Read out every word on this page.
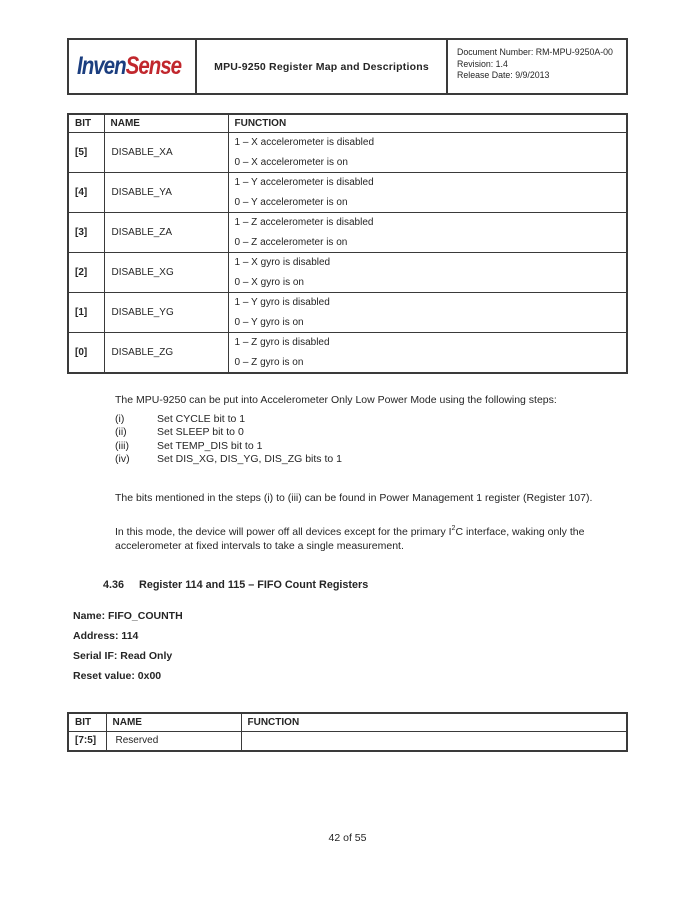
InvenSense	MPU-9250 Register Map and Descriptions
Document Number: RM-MPU-9250A-00
Revision: 1.4
Release Date: 9/9/2013
BIT	NAME	FUNCTION
[5]	DISABLE_XA	1 – X accelerometer is disabled
0 – X accelerometer is on

[4]	DISABLE_YA	1 – Y accelerometer is disabled
0 – Y accelerometer is on

[3]	DISABLE_ZA	1 – Z accelerometer is disabled
0 – Z accelerometer is on

[2]	DISABLE_XG	1 – X gyro is disabled
0 – X gyro is on

[1]	DISABLE_YG	1 – Y gyro is disabled
0 – Y gyro is on

[0]	DISABLE_ZG	1 – Z gyro is disabled
0 – Z gyro is on
The MPU-9250 can be put into Accelerometer Only Low Power Mode using the following steps:
(i)	Set CYCLE bit to 1
(ii)	Set SLEEP bit to 0
(iii)	Set TEMP_DIS bit to 1
(iv)	Set DIS_XG, DIS_YG, DIS_ZG bits to 1
The bits mentioned in the steps (i) to (iii) can be found in Power Management 1 register (Register 107).
In this mode, the device will power off all devices except for the primary $I^2C$ interface, waking only the accelerometer at fixed intervals to take a single measurement.
4.36 Register 114 and 115 – FIFO Count Registers
Name: FIFO_COUNTH
Address: 114
Serial IF: Read Only
Reset value: 0x00
BIT	NAME	FUNCTION
[7:5]	Reserved	
42 of 55
